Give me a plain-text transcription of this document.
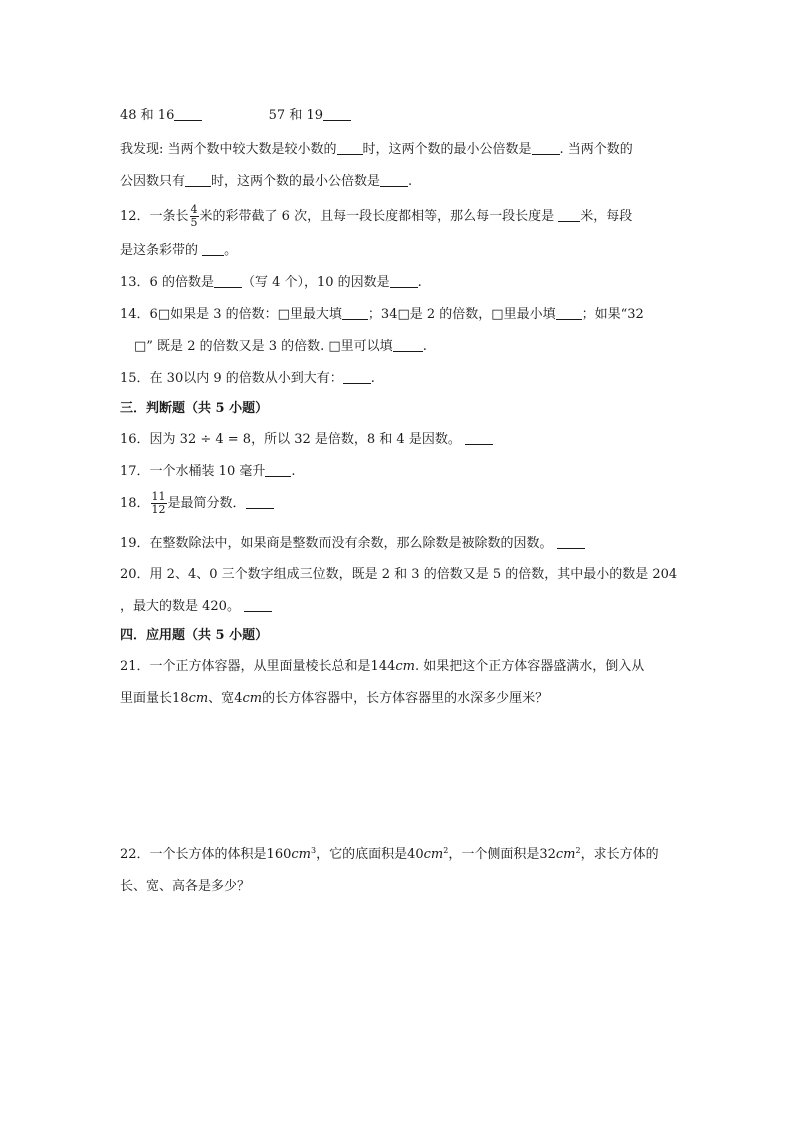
48 和 16	57 和 19
我发现: 当两个数中较大数是较小数的 时，这两个数的最小公倍数是 . 当两个数的
公因数只有 时，这两个数的最小公倍数是 .
12．一条长 $\frac{4}{5}$ 米的彩带截了 6 次，且每一段长度都相等，那么每一段长度是 米，每段
是这条彩带的 。
13．6 的倍数是 （写 4 个），10 的因数是 .
14．6□如果是 3 的倍数：□里最大填 ；34□是 2 的倍数，□里最小填 ；如果“32
□” 既是 2 的倍数又是 3 的倍数. □里可以填 .
15．在 30以内 9 的倍数从小到大有： .
三．判断题（共 5 小题）
16．因为 32 ÷ 4 = 8，所以 32 是倍数，8 和 4 是因数。
17．一个水桶装 10 毫升 .
18． $\frac{11}{12}$ 是最简分数．
19．在整数除法中，如果商是整数而没有余数，那么除数是被除数的因数。
20．用 2、4、0 三个数字组成三位数，既是 2 和 3 的倍数又是 5 的倍数，其中最小的数是 204
，最大的数是 420。
四．应用题（共 5 小题）
21．一个正方体容器，从里面量棱长总和是144cm. 如果把这个正方体容器盛满水，倒入从
里面量长18cm、宽4cm的长方体容器中，长方体容器里的水深多少厘米？
22．一个长方体的体积是$160cm^3$，它的底面积是$40cm^2$，一个侧面积是$32cm^2$，求长方体的
长、宽、高各是多少？
